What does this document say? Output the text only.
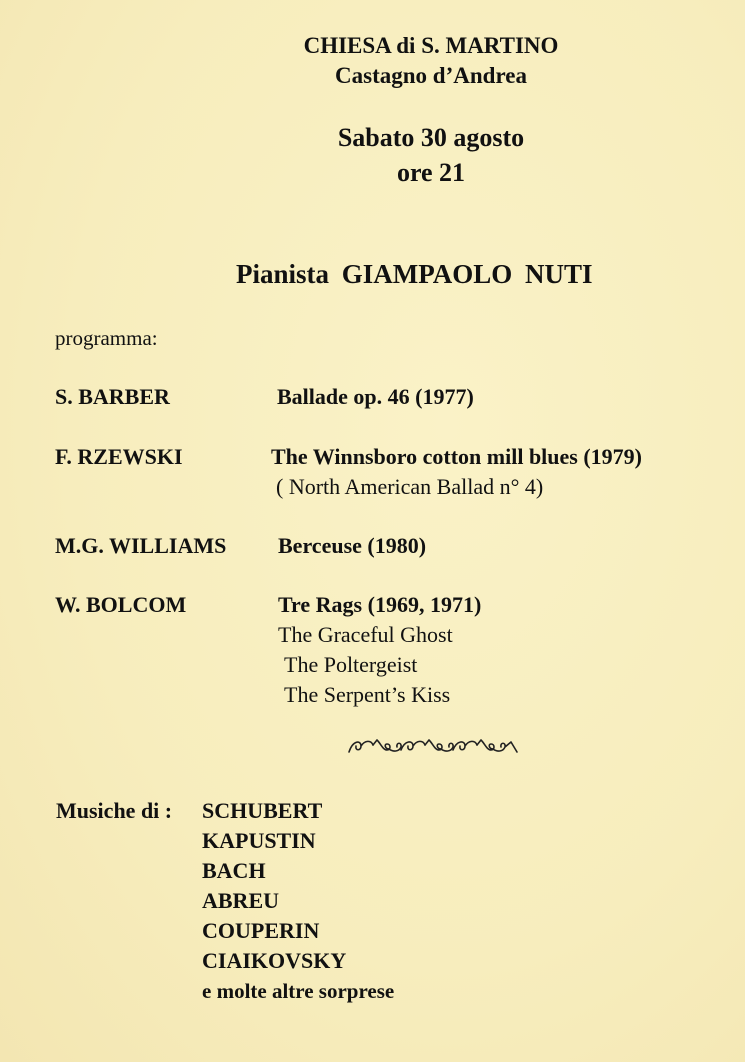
CHIESA di S. MARTINO
Castagno d’Andrea
Sabato 30 agosto
ore 21
Pianista GIAMPAOLO NUTI
programma:
S. BARBER	Ballade op. 46 (1977)
F. RZEWSKI	The Winnsboro cotton mill blues (1979)
( North American Ballad n° 4)
M.G. WILLIAMS Berceuse (1980)
W. BOLCOM	Tre Rags (1969, 1971)
The Graceful Ghost
The Poltergeist
The Serpent’s Kiss
Musiche di : SCHUBERT
KAPUSTIN
BACH
ABREU
COUPERIN
CIAIKOVSKY
e molte altre sorprese
